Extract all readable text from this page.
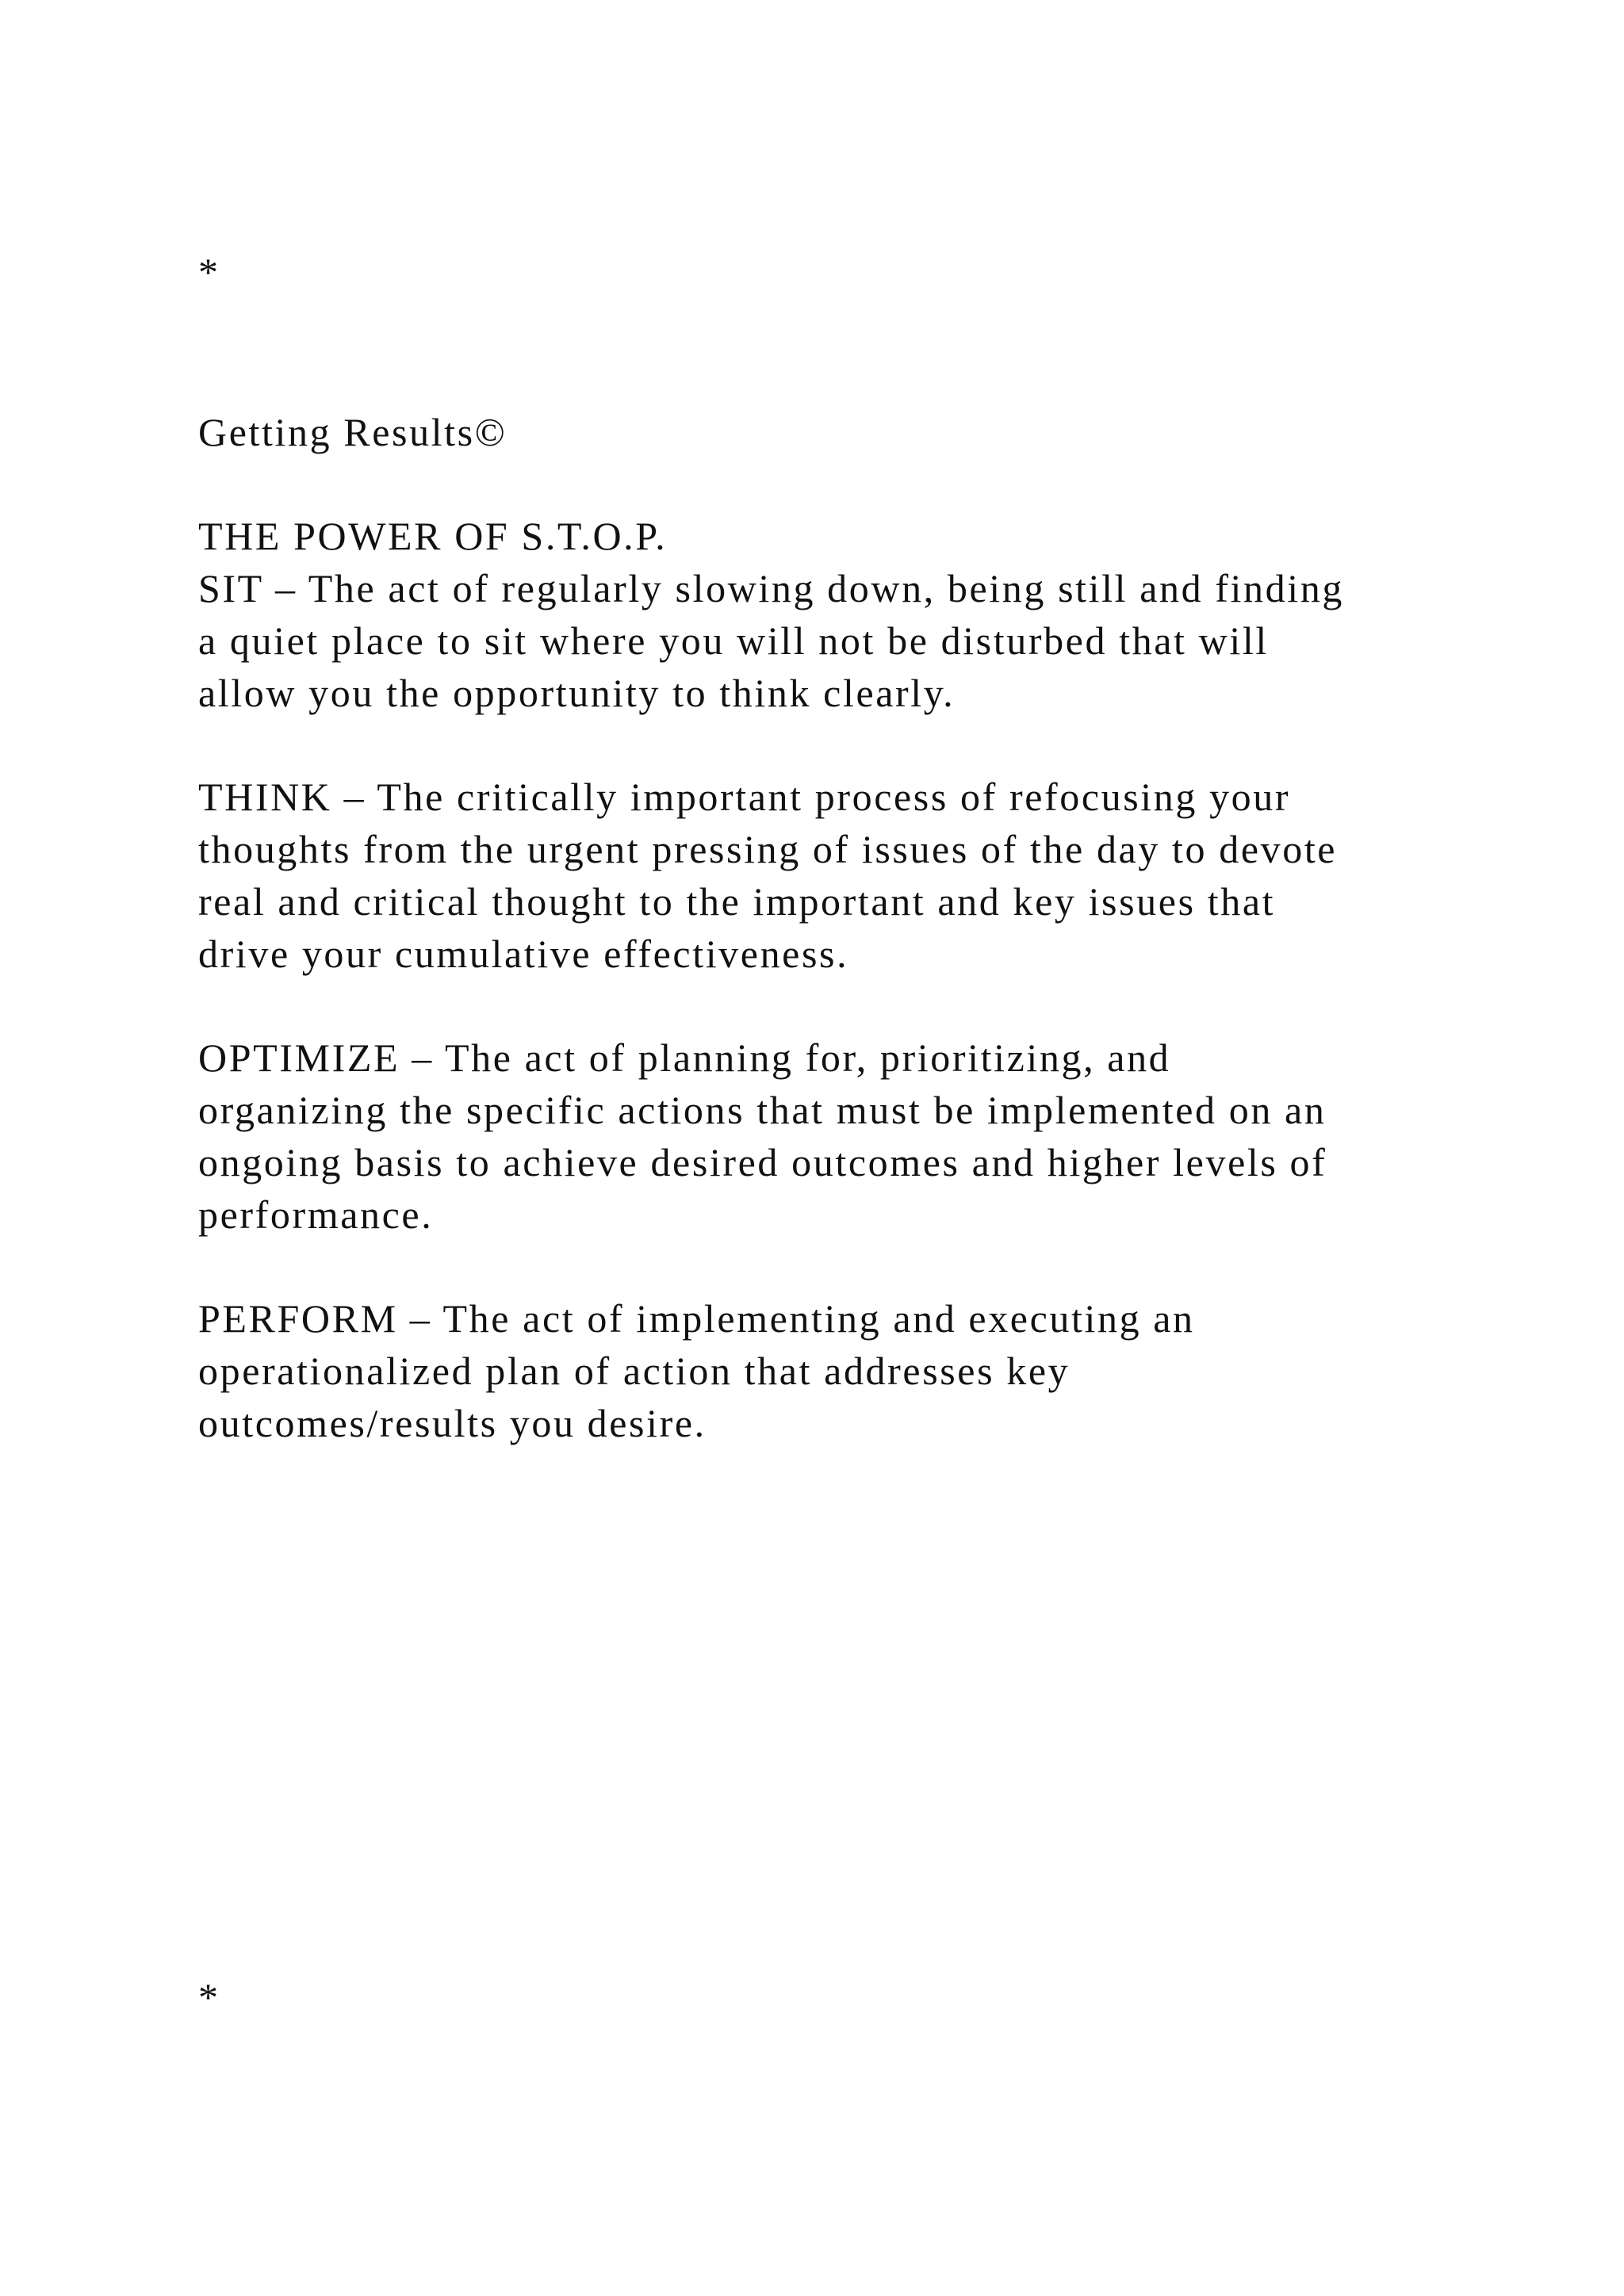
*
Getting Results©
THE POWER OF S.T.O.P.
SIT – The act of regularly slowing down, being still and finding
a quiet place to sit where you will not be disturbed that will
allow you the opportunity to think clearly.
THINK – The critically important process of refocusing your
thoughts from the urgent pressing of issues of the day to devote
real and critical thought to the important and key issues that
drive your cumulative effectiveness.
OPTIMIZE – The act of planning for, prioritizing, and
organizing the specific actions that must be implemented on an
ongoing basis to achieve desired outcomes and higher levels of
performance.
PERFORM – The act of implementing and executing an
operationalized plan of action that addresses key
outcomes/results you desire.
*
